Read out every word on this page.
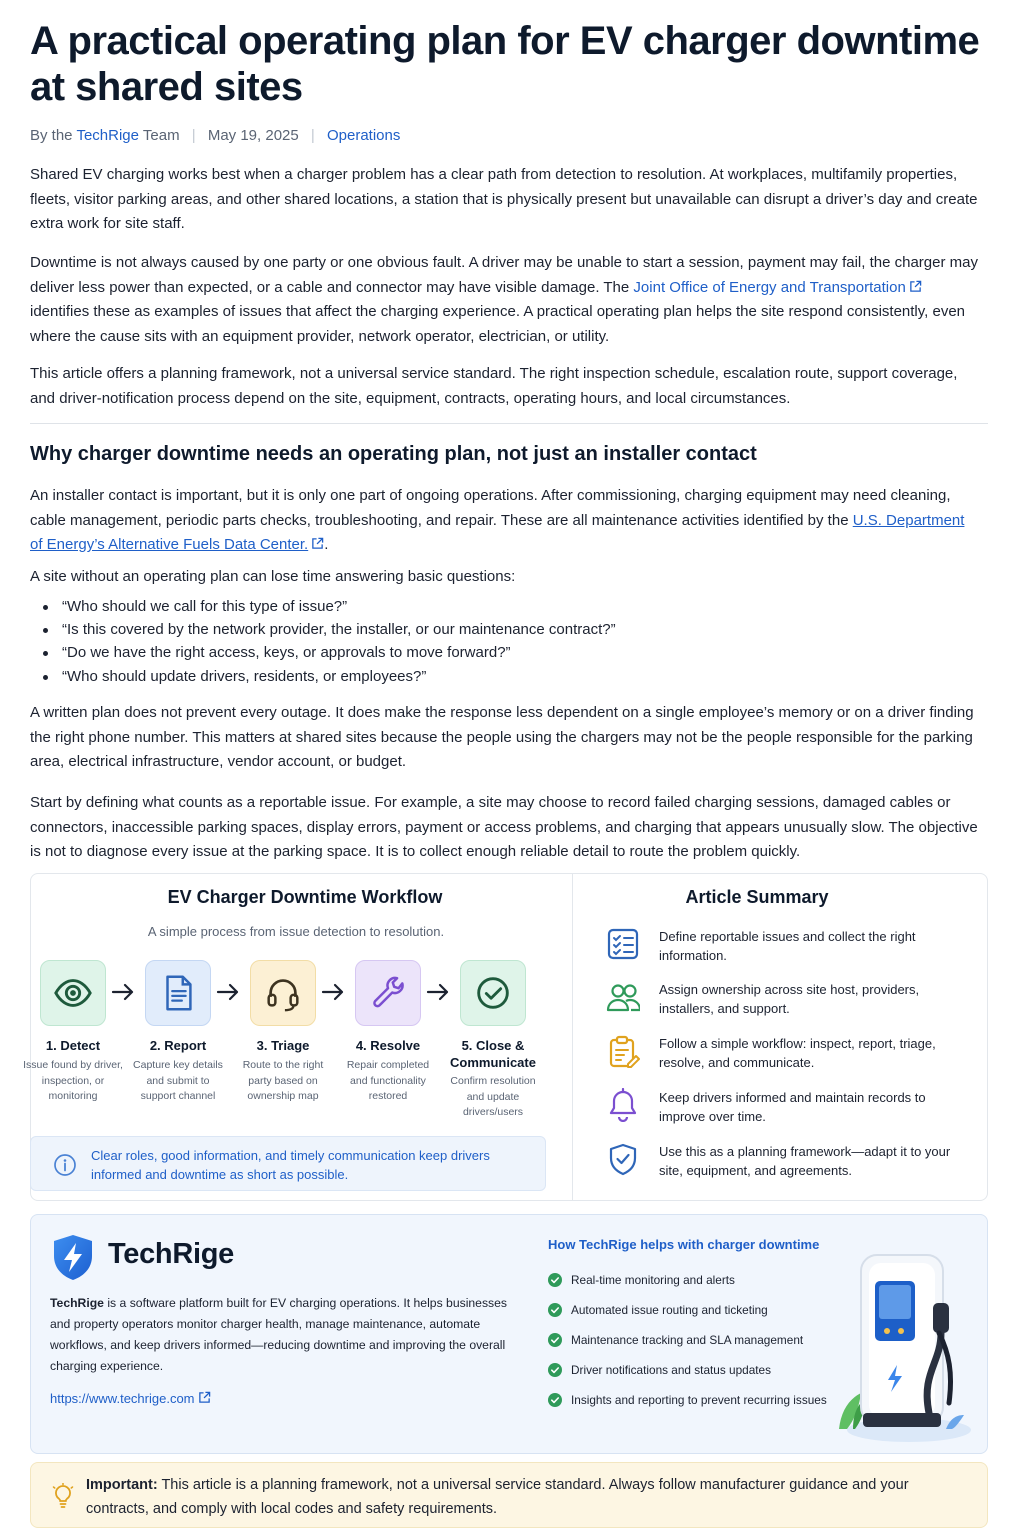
A practical operating plan for EV charger downtime at shared sites
By the TechRige Team | May 19, 2025 | Operations

Shared EV charging works best when a charger problem has a clear path from detection to resolution. At workplaces, multifamily properties, fleets, visitor parking areas, and other shared locations, a station that is physically present but unavailable can disrupt a driver’s day and create extra work for site staff.

Downtime is not always caused by one party or one obvious fault. A driver may be unable to start a session, payment may fail, the charger may deliver less power than expected, or a cable and connector may have visible damage. The Joint Office of Energy and Transportation identifies these as examples of issues that affect the charging experience. A practical operating plan helps the site respond consistently, even where the cause sits with an equipment provider, network operator, electrician, or utility.

This article offers a planning framework, not a universal service standard. The right inspection schedule, escalation route, support coverage, and driver-notification process depend on the site, equipment, contracts, operating hours, and local circumstances.

Why charger downtime needs an operating plan, not just an installer contact

An installer contact is important, but it is only one part of ongoing operations. After commissioning, charging equipment may need cleaning, cable management, periodic parts checks, troubleshooting, and repair. These are all maintenance activities identified by the U.S. Department of Energy’s Alternative Fuels Data Center. .

A site without an operating plan can lose time answering basic questions:

“Who should we call for this type of issue?”
“Is this covered by the network provider, the installer, or our maintenance contract?”
“Do we have the right access, keys, or approvals to move forward?”
“Who should update drivers, residents, or employees?”

A written plan does not prevent every outage. It does make the response less dependent on a single employee’s memory or on a driver finding the right phone number. This matters at shared sites because the people using the chargers may not be the people responsible for the parking area, electrical infrastructure, vendor account, or budget.

Start by defining what counts as a reportable issue. For example, a site may choose to record failed charging sessions, damaged cables or connectors, inaccessible parking spaces, display errors, payment or access problems, and charging that appears unusually slow. The objective is not to diagnose every issue at the parking space. It is to collect enough reliable detail to route the problem quickly.

EV Charger Downtime Workflow
A simple process from issue detection to resolution.
1. Detect
Issue found by driver, inspection, or monitoring
2. Report
Capture key details and submit to support channel
3. Triage
Route to the right party based on ownership map
4. Resolve
Repair completed and functionality restored
5. Close & Communicate
Confirm resolution and update drivers/users
Clear roles, good information, and timely communication keep drivers informed and downtime as short as possible.
Article Summary
Define reportable issues and collect the right information.
Assign ownership across site host, providers, installers, and support.
Follow a simple workflow: inspect, report, triage, resolve, and communicate.
Keep drivers informed and maintain records to improve over time.
Use this as a planning framework—adapt it to your site, equipment, and agreements.
TechRige

TechRige is a software platform built for EV charging operations. It helps businesses and property operators monitor charger health, manage maintenance, automate workflows, and keep drivers informed—reducing downtime and improving the overall charging experience.

https://www.techrige.com
How TechRige helps with charger downtime
Real-time monitoring and alerts
Automated issue routing and ticketing
Maintenance tracking and SLA management
Driver notifications and status updates
Insights and reporting to prevent recurring issues

Important: This article is a planning framework, not a universal service standard. Always follow manufacturer guidance and your contracts, and comply with local codes and safety requirements.
